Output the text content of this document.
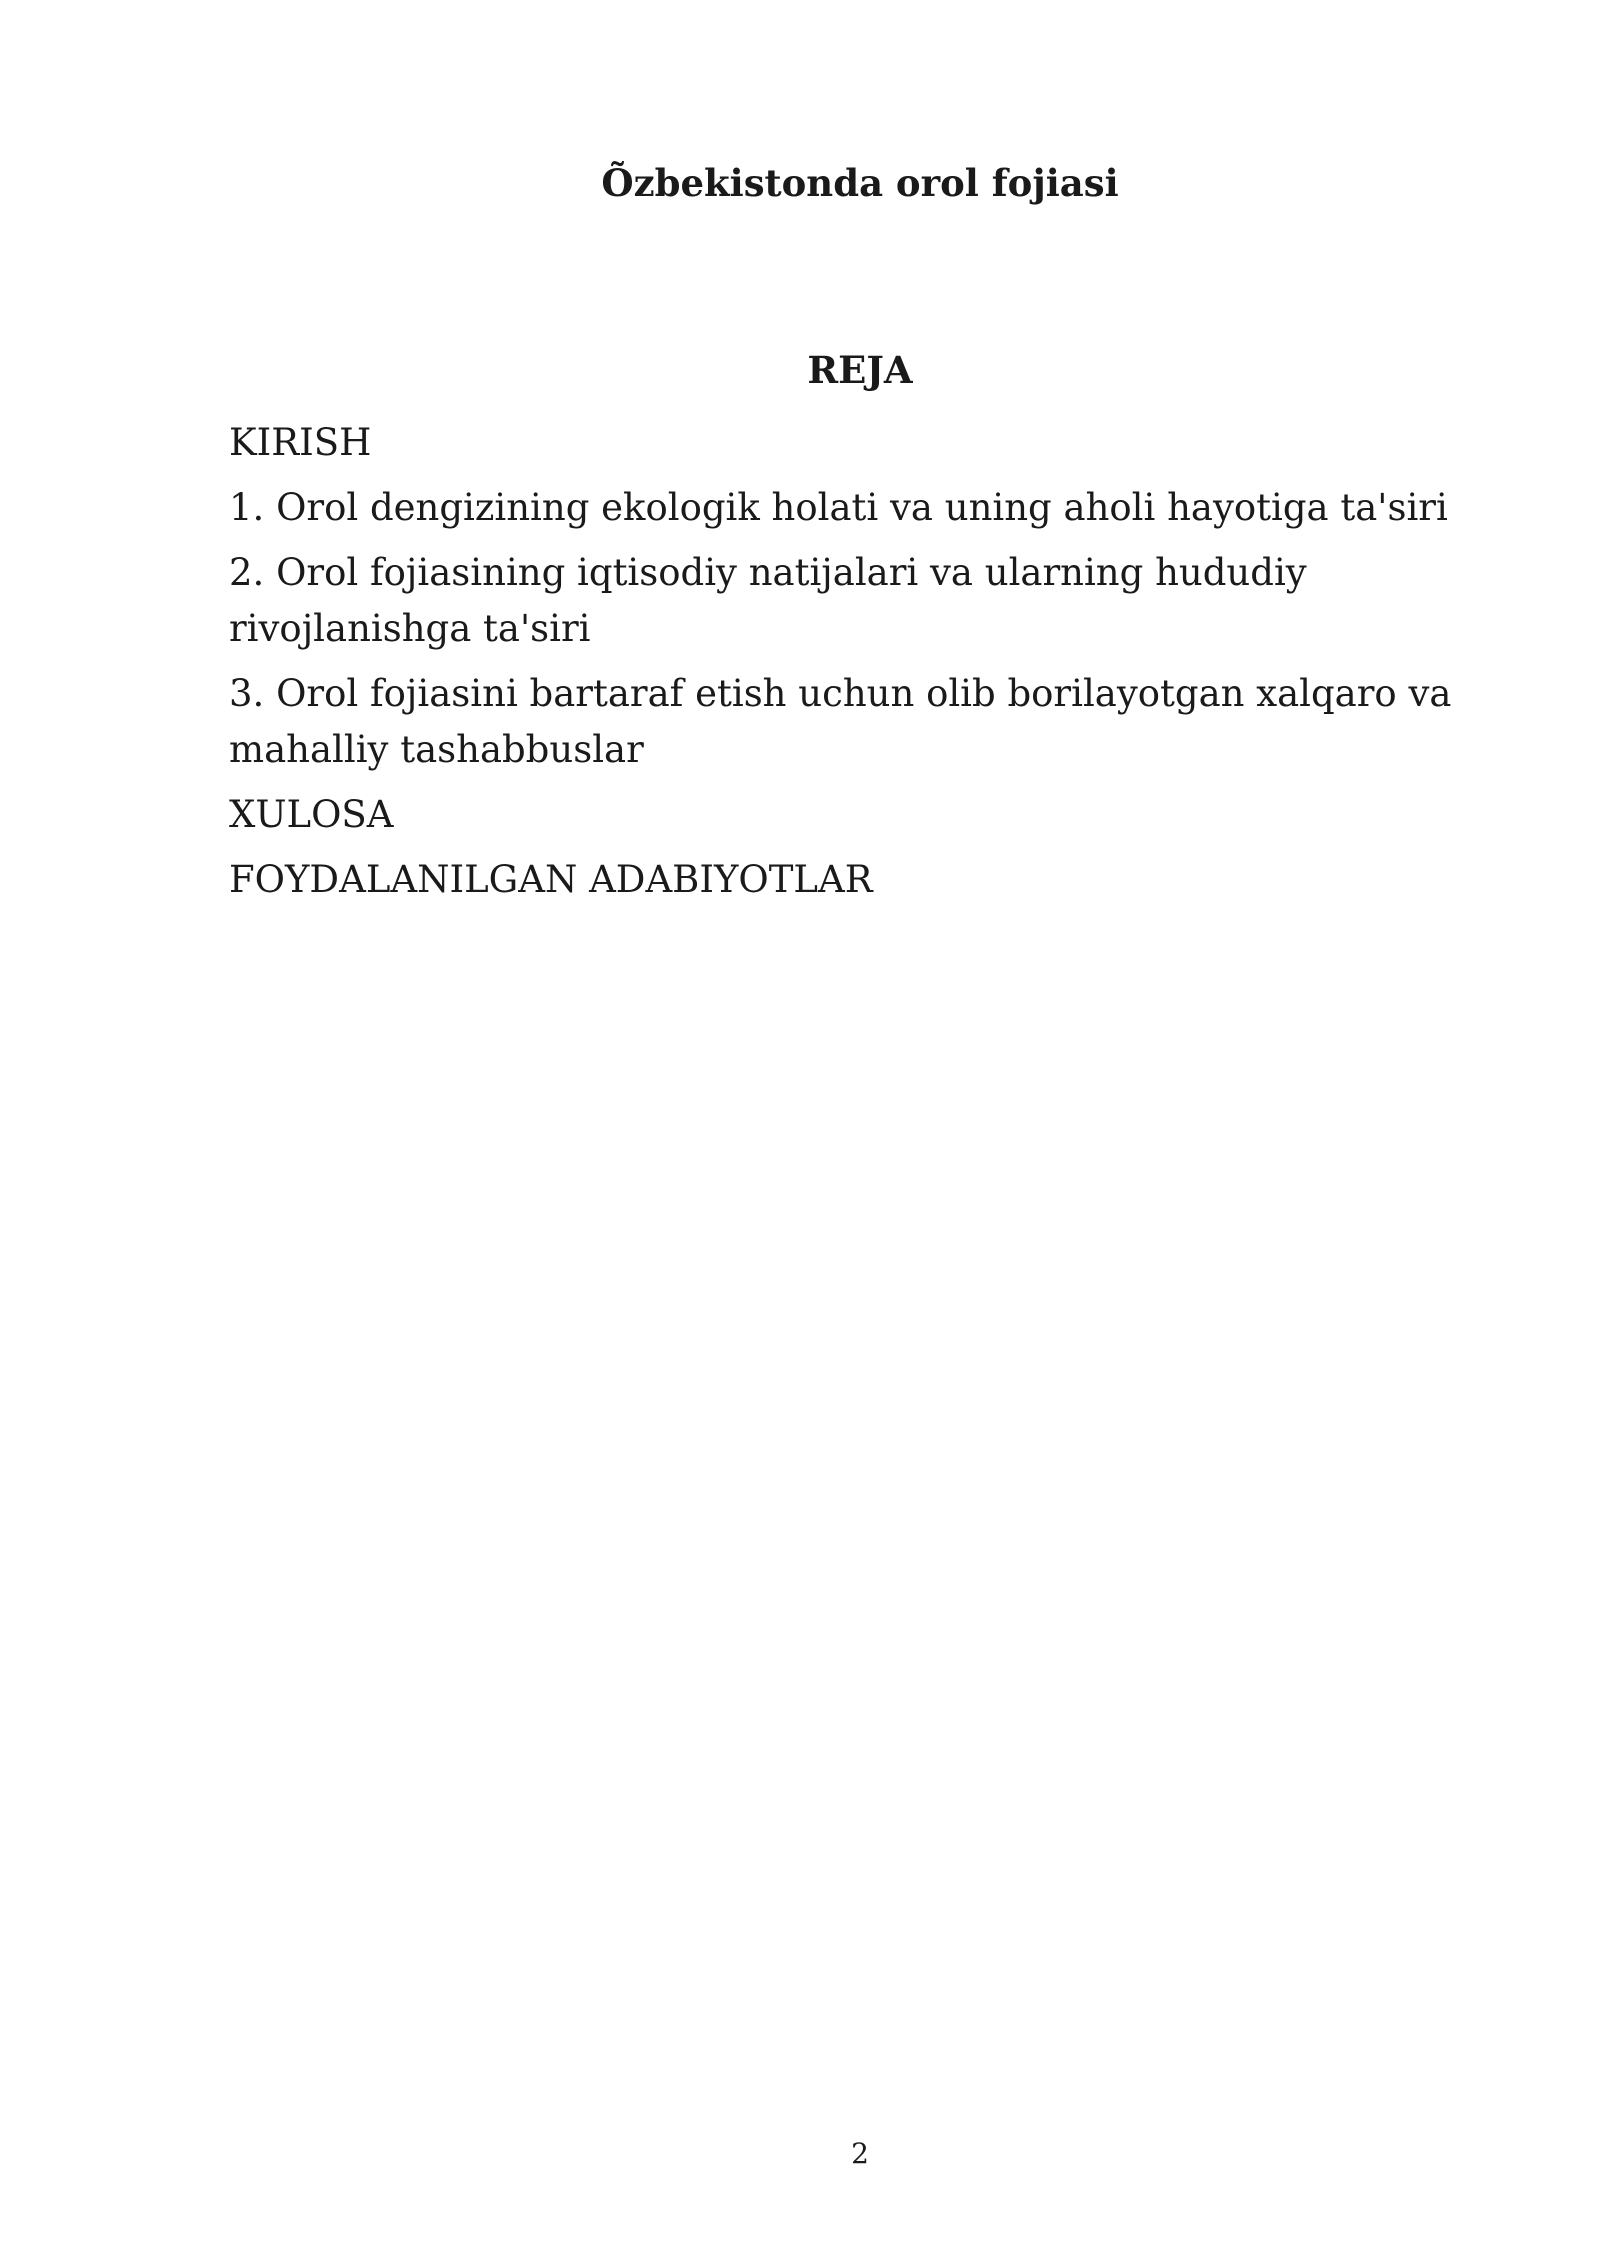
Õzbekistonda orol fojiasi
REJA
KIRISH
1. Orol dengizining ekologik holati va uning aholi hayotiga ta'siri
2. Orol fojiasining iqtisodiy natijalari va ularning hududiy rivojlanishga ta'siri
3. Orol fojiasini bartaraf etish uchun olib borilayotgan xalqaro va mahalliy tashabbuslar
XULOSA
FOYDALANILGAN ADABIYOTLAR
2
